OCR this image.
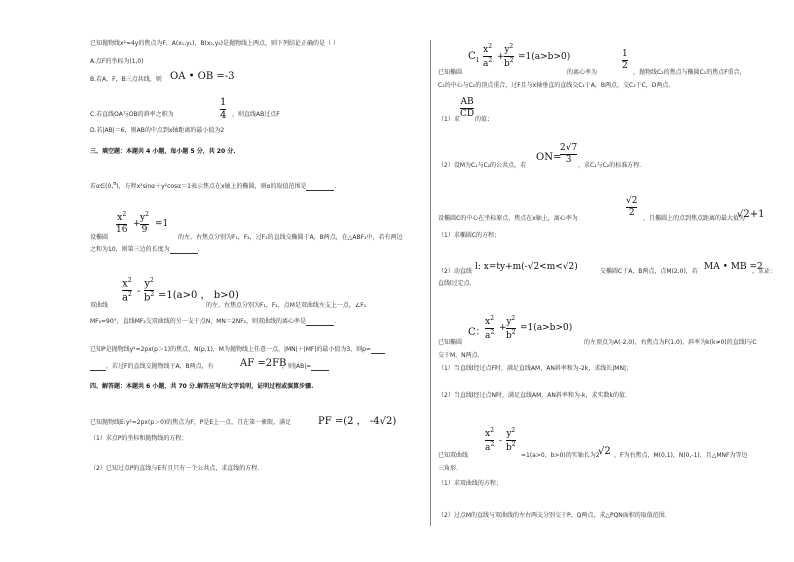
已知抛物线x²=4y的焦点为F，A(x₁,y₁)，B(x₂,y₂)是抛物线上两点，则下列结论正确的是（ ）
A.点F的坐标为(1,0)
B.若A，F，B三点共线，则 OA • OB =-3
C.若直线OA与OB的斜率之积为
1
4 ，则直线AB过点F
D.若|AB|＝6，则AB的中点到x轴距离的最小值为2
三、填空题：本题共 4 小题，每小题 5 分，共 20 分.
若α∈(0,$^\pi$)，方程x²sinα＋y²cosα＝1表示焦点在x轴上的椭圆，则α的取值范围是	.
$x^2$
16
+
$y^2$
9
=1
设椭圆	的左、右焦点分别为F₁，F₂，过F₂的直线交椭圆于A，B两点，在△ABF₁中，若有两边
之和为10，则第三边的长度为	.
$x^2$
$a^2$ -
$y^2$
$b^2 =1(a>0$ ， b>0)
双曲线	的左、右焦点分别为F₁，F₂，点M是双曲线左支上一点，∠F₁
MF₂=90°，直线MF₂交双曲线的另一支于点N，MN＝2NF₂，则双曲线的离心率是	.
已知P是抛物线y²=2px(p＞1)的焦点，N(p,1)，M为抛物线上任意一点，|MN|＋|MF|的最小值为3，则p=
，若过F的直线交抛物线于A，B两点，有	AF =2FB
，则|AB|=
四、解答题：本题共 6 小题，共 70 分.解答应写出文字说明，证明过程或演算步骤.
已知抛物线E:y²=2px(p＞0)的焦点为F，P是E上一点，且在第一象限，满足	PF =(2 ， -4√2)
（1）求点P的坐标和抛物线的方程；
（2）已知过点P的直线与E有且只有一个公共点，求直线的方程.
$C_1$
$x^2$
$a^2$ +
$y^2$
$b^2 =1(a>b>0)$	1
2
已知椭圆	的离心率为	，抛物线C₂的焦点与椭圆C₁的焦点F重合，
C₂的中心与C₁的顶点重合，过F且与x轴垂直的直线交C₁于A，B两点，交C₂于C，D两点。
AB
CD
（1）求	的值；
ON=
2√7
3
（2）设M为C₁与C₂的公共点，若	，求C₁与C₂的标准方程.
√2
2
设椭圆C的中心在坐标原点，焦点在x轴上，离心率为	，且椭圆上的点到焦点距离的最大值为
√2+1
（1）求椭圆C的方程；
（2）动直线 l: x=ty+m(-√2<m<√2)	交椭圆C于A，B两点，点M(2,0)，若 MA • MB =2
，求证：
直线l过定点.
C：
$x^2$
$a^2$ +
$y^2$
$b^2 =1(a>b>0)$
已知椭圆	的左顶点为A(-2,0)，右焦点为F(1,0)，斜率为k(k≠0)的直线l与C
交于M，N两点.
（1）当直线l经过点F时，满足直线AM，AN斜率和为-2k，求线长|MN|；
（2）当直线l经过点N时，满足直线AM，AN斜率和为-k，求实数k的值.
$x^2$
$a^2$ -
$y^2$
$b^2$
已知双曲线	=1(a>0，b>0)的实轴长为2
√2 ，F为右焦点，M(0,1)，N(0,-1)，且△MNF为等边
三角形.
（1）求双曲线的方程；
（2）过点M的直线与双曲线的左右两支分别交于P、Q两点，求△PQN面积的取值范围.
